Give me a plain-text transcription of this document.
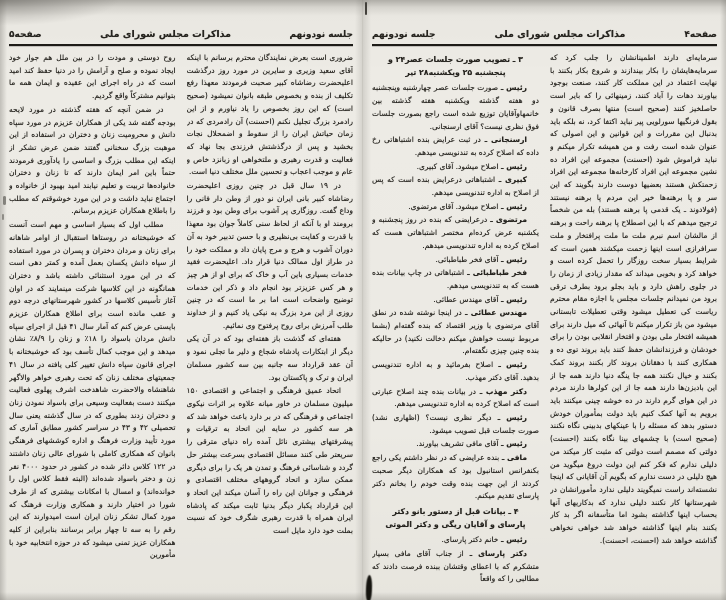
صفحه۴
مذاکرات مجلس شورای ملی
جلسه نودونهم

سرمایه‌ای دارند اطمینانشان را جلب کرد که سرمایه‌هایشان را بکار بیندازند و شروع بکار بکنند با نهایت اعتماد در این مملکت کار کنند، صنعت بوجود بیاورند دهات را آباد کنند، زمینهائی را که بایر است حاصلخیز کنند (صحیح است) منتها بصرف قانون و بقول فرنگیها سورلویی پیر نباید اکتفا کرد، نه بلکه باید بدنبال این مقررات و این قوانین و این اصولی که عنوان شده است رفت و من همیشه تکرار میکنم و نباید فراموش شود (احسنت) مجموعه این افراد ده نشین مجموعه این افراد کارخانه‌ها مجموعه این افراد زحمتکش هستند بعضیها دوست دارند بگویند که این سر و پا برهنه‌ها خیر این مردم پا برهنه نیستند (فولادوند ـ یک قدمی پا برهنه هستند) بله من شخصاً ترجیح میدهم که با این اصطلاح پا برهنه راحت و برهنه از مالشان اسم نبرم ملت ما ملت پرافتخار و ملت سرافرازی است اینها زحمت میکشند همین است که شرایط بسیار سخت روزگار را تحمل کرده است و خواهد کرد و بخوبی میداند که مقدار زیادی از زمان را در جلوی راهش دارد و باید بجلو برود بطرف ترقی برود من نمیدانم جلسات مجلس با اجازه مقام محترم ریاست کی تعطیل میشود وقتی تعطیلات تابستانی میشود من باز تکرار میکنم تا آنهائی که میل دارند برای همیشه افتخار ملی بودن و افتخار انقلابی بودن را برای خودشان و فرزندانشان حفظ کنند باید بروند توی ده و همکاری کنند با دهقانان بروند کار بکنند بروند کمک بکنند و خیال نکنند همه جا ینگه دنیا دارند همه جا از این بادبزن‌ها دارند همه جا از این کولرها دارند مردم در این هوای گرم دارند در ده خوشه چینی میکنند باید برویم به آنها کمک کنیم باید دولت بمأموران خودش دستور بدهد که مسئله را با عینکهای بدبینی نگاه نکنند (صحیح است) با چشمهای بینا نگاه بکنند (احسنت) دولتی که مصمم است دولتی که مثبت کار میکند من دلیلی ندارم که فکر کنم این دولت دروغ میگوید من هیچ دلیلی در دست ندارم که بگویم آن آقایانی که اینجا نشسته‌اند راست نمیگویند دلیلی ندارد مأمورانشان در شهرستانها کار نکنند دلیلی ندارد که بدکاریهای آنها بحساب اینها گذاشته بشود اما متأسفانه اگر بد کار بکنند بنام اینها گذاشته خواهد شد خواهی نخواهی گذاشته خواهد شد (احسنت، احسنت).

۳ ـ تصویب صورت جلسات عصر۲۴ و پنجشنبه ۲۵ ویکشنبه۲۸ تیر

رئیس ـ صورت جلسات عصر چهارشنبه وپنجشنبه دو هفته گذشته ویکشنبه هفته گذشته بین خانمهاوآقایان توزیع شده است راجع بصورت جلسات فوق نظری نیست؟ آقای ارسنجانی.

ارسنجانی ـ در ثبت عرایض بنده اشتباهاتی رخ داده که اصلاح کرده به تندنویسی میدهم.

رئیس ـ اصلاح میشود. آقای کبیری.

کبیری ـ اشتباهاتی درعرایض بنده است که پس از اصلاح به اداره تندنویسی میدهم.

رئیس ـ اصلاح میشود. آقای مرتضوی.

مرتضوی ـ درعرایضی که بنده در روز پنجشنبه و یکشنبه عرض کرده‌ام مختصر اشتباهاتی هست که اصلاح کرده به اداره تندنویسی میدهم.

رئیس ـ آقای فخر طباطبائی.

فخر طباطبائی ـ اشتباهاتی در چاپ بیانات بنده هست که به تندنویسی میدهم.

رئیس ـ آقای مهندس عطائی.

مهندس عطائی ـ در اینجا نوشته شده در نطق آقای مرتضوی با وزیر اقتصاد که بنده گفته‌ام (بشما مربوط نیست خواهش میکنم دخالت نکنید) در حالیکه بنده چنین چیزی نگفته‌ام.

رئیس ـ اصلاح بفرمائید و به اداره تندنویسی بدهید. آقای دکتر مهذب.

دکتر مهذب ـ در بیانات بنده چند اصلاح عبارتی است که اصلاح کرده به اداره تندنویسی میدهم.

رئیس ـ دیگر نظری نیست؟ (اظهاری نشد) صورت جلسات قبل تصویب میشود.

رئیس ـ آقای مافی تشریف بیاورند.

مافی ـ بنده عرایضی که در نظر داشتم یکی راجع بکنفرانس استانبول بود که همکاران دیگر صحبت کردند از این جهت بنده وقت خودم را بخانم دکتر پارسای تقدیم میکنم.

۴ ـ بیانات قبل از دستور بانو دکتر پارسای و آقایان ریگی و دکتر الموتی

رئیس ـ خانم دکتر پارسای.

دکتر پارسای ـ از جناب آقای مافی بسیار متشکرم که با اعطای وقتشان ببنده فرصت دادند که مطالبی را که واقعاً

جلسه نودونهم
مذاکرات مجلس شورای ملی
صفحه۵

ضروری است بعرض نمایندگان محترم برسانم با اینکه آقای سعید وزیری و سایرین در مورد روز درگذشت اعلیحضرت رضاشاه کبیر صحبت فرمودند معهذا رفع تکلیف از بنده و بخصوص طبقه بانوان نمیشود (صحیح است) که این روز بخصوص را یاد نیاورم و از این رادمرد بزرگ تجلیل نکنم (احسنت) آن رادمردی که در زمان حیاتش ایران را از سقوط و اضمحلال نجات بخشید و پس از درگذشتش فرزندی بجا نهاد که فعالیت و قدرت رهبری و ملتخواهی او زبانزد خاص و عام و موجب اعجاب و تحسین ملل مختلف دنیا است.

در ۱۹ سال قبل در چنین روزی اعلیحضرت رضاشاه کبیر بانی ایران نو دور از وطن دار فانی را وداع گفت. روزگاری پر آشوب برای وطن بود و فرزند برومند او با آنکه از لحاظ سنی کاملاً جوان بود معهذا با قدرت و کفایت بی‌نظیری و با حسن تدبیر خود به آن دوران آشوب و هرج و مرج پایان داد و مملکت خود را در طراز اول ممالک دنیا قرار داد. اعلیحضرت فقید خدمات بسیاری باین آب و خاک که برای او از هر چیز و هر کس عزیزتر بود انجام داد و ذکر این خدمات توضیح واضحات است اما بر ما است که در چنین روزی از این مرد بزرگ به نیکی یاد کنیم و از خداوند طلب آمرزش برای روح پرفتوح وی نمائیم.

هفته‌ای که گذشت باز هفته‌ای بود که در آن یکی دیگر از ابتکارات پادشاه شجاع و دلیر ما تجلی نمود و آن عقد قرارداد سه جانبه بین سه کشور مسلمان ایران و ترک و پاکستان بود.

اتحاد عمیق فرهنگی و اجتماعی و اقتصادی ۱۵۰ میلیون مسلمان در خاور میانه علاوه بر اثرات نیکوی اجتماعی و فرهنگی که در بر دارد باعث خواهد شد که هر سه کشور در سایه این اتحاد به ترقیات و پیشرفتهای بیشتری نائل آمده راه دنیای مترقی را سریعتر طی کنند مسائل اقتصادی بسرعت بیشتر حل گردد و شناسائی فرهنگ و تمدن هر یک را برای دیگری ممکن سازد و اتحاد گروههای مختلف اقتصادی و فرهنگی و جوانان این راه را آسان میکند این اتحاد و این قرارداد یکبار دیگر بدنیا ثابت میکند که پادشاه ایران همراه با قدرت رهبری شگرف خود که نسبت بملت خود دارد مایل است

روح دوستی و مودت را در بین ملل هم جوار خود ایجاد نموده و صلح و آرامش را در دنیا حفظ کند امید است که در راه اجرای این عقیده و ایمان همه ما بتوانیم مشترکاً واقع گردیم.

در ضمن آنچه که هفته گذشته در مورد لایحه بودجه گفته شد یکی از همکاران عزیزم در مورد سپاه دانش و محرومیت زنان و دختران در استفاده از این موهبت بزرگ سخنانی گفتند ضمن عرض تشکر از اینکه این مطلب بزرگ و اساسی را یادآوری فرمودند حتماً باین امر ایمان دارند که تا زنان و دختران خانواده‌ها تربیت و تعلیم نیابند امید بهبود از خانواده و اجتماع نباید داشت و در این مورد خوشوقتم که مطلب را باطلاع همکاران عزیزم برسانم.

مطلب اول که بسیار اساسی و مهم است آنست که خوشبختانه در روستاها استقبال از اوامر شاهانه برای زنان و مردان دختران و پسران در مورد استفاده از سپاه دانش یکسان بعمل آمده و کمتر دهی است که در این مورد استثنائی داشته باشد و دختران همانگونه در این کلاسها شرکت مینمایند که در اوان آغاز تأسیس کلاسها در کشور شهرستانهای درجه دوم و عقب مانده است برای اطلاع همکاران عزیزم بایستی عرض کنم که آمار سال ۴۱ قبل از اجرای سپاه دانش مردان باسواد را ۱۸٪ و زنان را ۸/۹٪ نشان میدهد و این موجب کمال تأسف بود که خوشبختانه با اجرای قانون سپاه دانش تغییر کلی یافته در سال ۴۱ جمعیتهای مختلف زنان که تحت رهبری خواهر والاگهر شاهنشاه والاحضرت شاهدخت اشرف پهلوی فعالیت میکنند دست بفعالیت وسیعی برای باسواد نمودن زنان و دختران زدند بطوری که در سال گذشته یعنی سال تحصیلی ۴۲ و ۴۳ در سراسر کشور مطابق آماری که مورد تأیید وزارت فرهنگ و اداره کوششهای فرهنگی بانوان که همکاری کاملی با شورای عالی زنان داشتند در ۱۲۲ کلاس دائر شده در کشور در حدود ۴۰۰۰ نفر زن و دختر باسواد شده‌اند (البته فقط کلاس اول را خوانده‌اند) و امسال با امکانات بیشتری که از طرف شورا در اختیار دارند و همکاری وزارت فرهنگ که مورد کمال تشکر زنان ایران است امیدوارند که این رقم را به سه تا چهار برابر برسانند بنابراین از کلیه همکاران عزیز تمنی میشود که در حوزه انتخابیه خود با مأمورین
